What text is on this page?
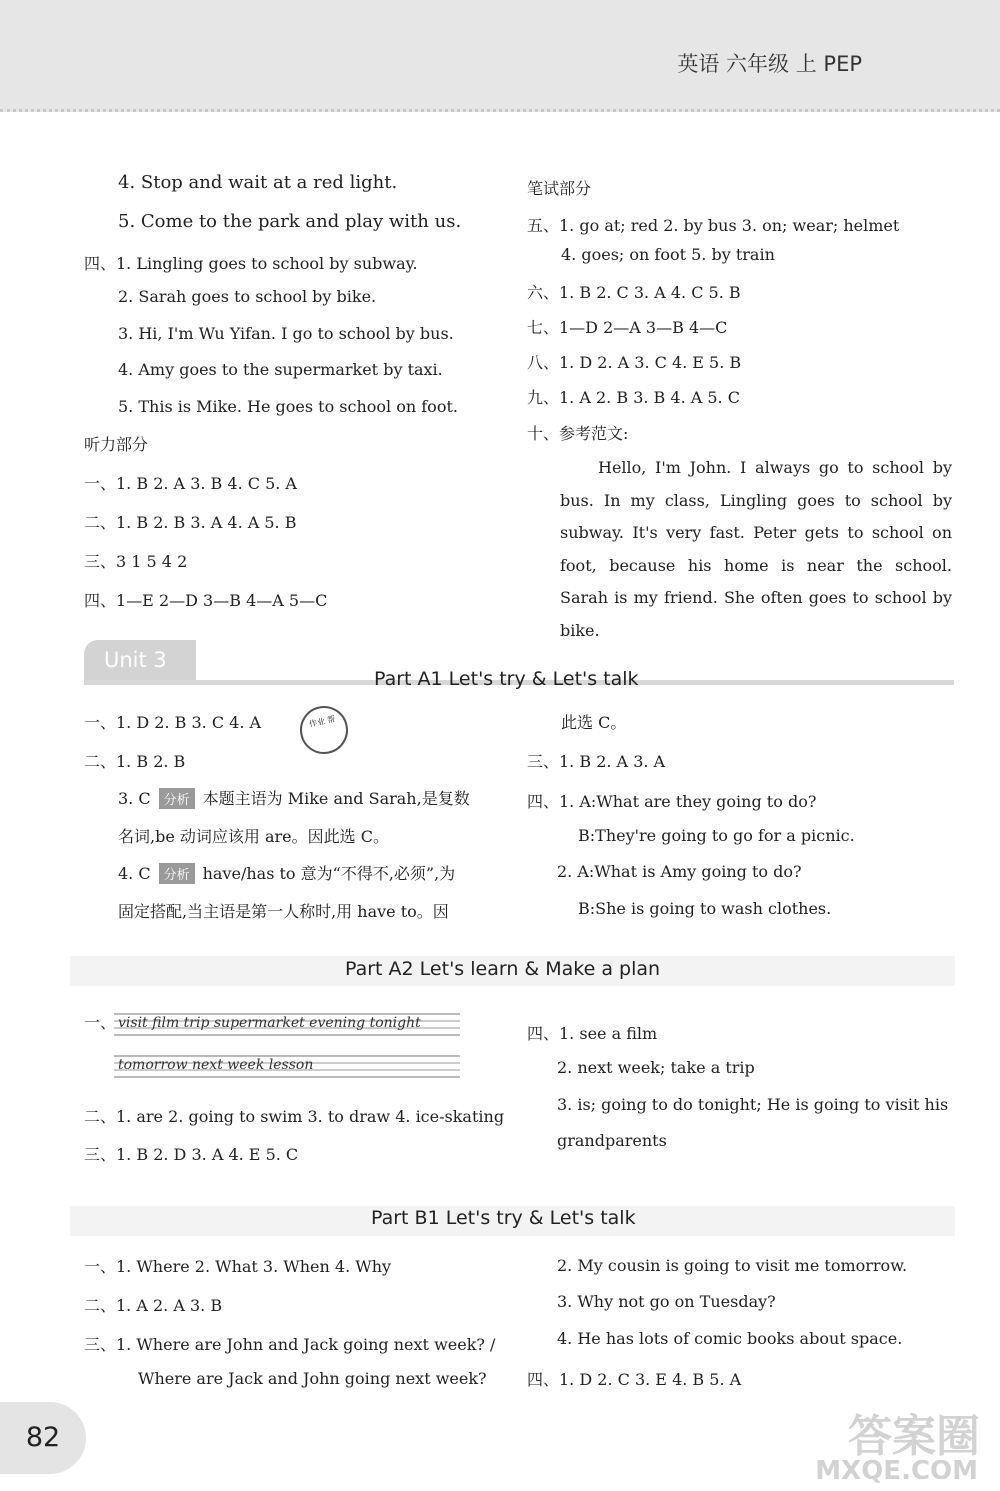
英语 六年级 上 PEP
4. Stop and wait at a red light.
5. Come to the park and play with us.
四、1. Lingling goes to school by subway.
2. Sarah goes to school by bike.
3. Hi, I'm Wu Yifan. I go to school by bus.
4. Amy goes to the supermarket by taxi.
5. This is Mike. He goes to school on foot.
听力部分
一、1. B 2. A 3. B 4. C 5. A
二、1. B 2. B 3. A 4. A 5. B
三、3 1 5 4 2
四、1—E 2—D 3—B 4—A 5—C
笔试部分
五、1. go at; red 2. by bus 3. on; wear; helmet
4. goes; on foot 5. by train
六、1. B 2. C 3. A 4. C 5. B
七、1—D 2—A 3—B 4—C
八、1. D 2. A 3. C 4. E 5. B
九、1. A 2. B 3. B 4. A 5. C
十、参考范文:
Hello, I'm John. I always go to school by bus. In my class, Lingling goes to school by subway. It's very fast. Peter gets to school on foot, because his home is near the school. Sarah is my friend. She often goes to school by bike.
Unit 3
Part A1 Let's try & Let's talk
一、1. D 2. B 3. C 4. A	作业 帮
二、1. B 2. B
3. C 分析 本题主语为 Mike and Sarah,是复数
名词,be 动词应该用 are。因此选 C。
4. C 分析 have/has to 意为“不得不,必须”,为
固定搭配,当主语是第一人称时,用 have to。因
此选 C。
三、1. B 2. A 3. A
四、1. A:What are they going to do?
B:They're going to go for a picnic.
2. A:What is Amy going to do?
B:She is going to wash clothes.
Part A2 Let's learn & Make a plan
一、 visit film trip supermarket evening tonight
tomorrow next week lesson
二、1. are 2. going to swim 3. to draw 4. ice-skating
三、1. B 2. D 3. A 4. E 5. C
四、1. see a film
2. next week; take a trip
3. is; going to do tonight; He is going to visit his
grandparents
Part B1 Let's try & Let's talk
一、1. Where 2. What 3. When 4. Why
二、1. A 2. A 3. B
三、1. Where are John and Jack going next week? /
Where are Jack and John going next week?
2. My cousin is going to visit me tomorrow.
3. Why not go on Tuesday?
4. He has lots of comic books about space.
四、1. D 2. C 3. E 4. B 5. A
82	答案圈
MXQE.COM
